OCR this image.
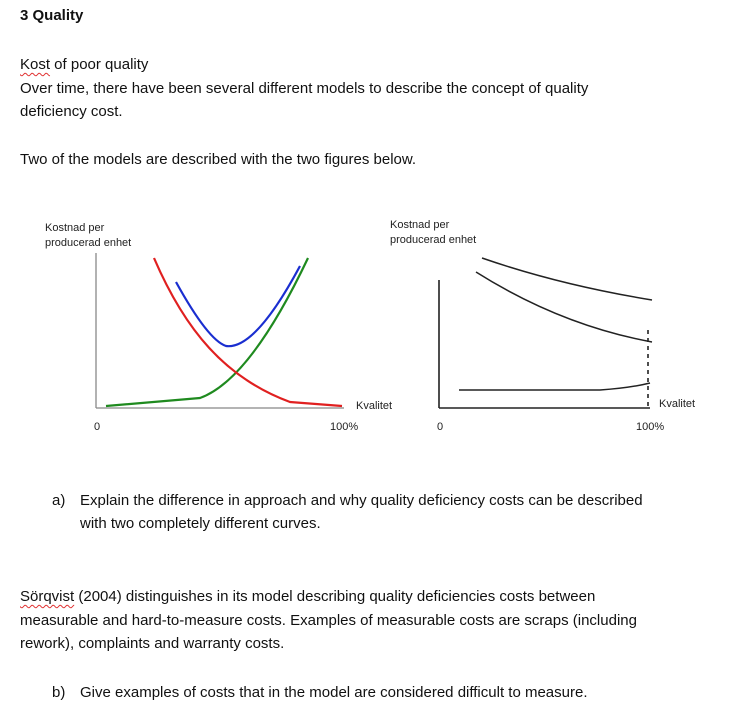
3 Quality
Kost of poor quality
Over time, there have been several different models to describe the concept of quality
deficiency cost.
Two of the models are described with the two figures below.
Kostnad per
producerad enhet
Kvalitet
0	100%
Kostnad per
producerad enhet
Kvalitet
0	100%
a) Explain the difference in approach and why quality deficiency costs can be described
with two completely different curves.
Sörqvist (2004) distinguishes in its model describing quality deficiencies costs between
measurable and hard-to-measure costs. Examples of measurable costs are scraps (including
rework), complaints and warranty costs.
b) Give examples of costs that in the model are considered difficult to measure.
